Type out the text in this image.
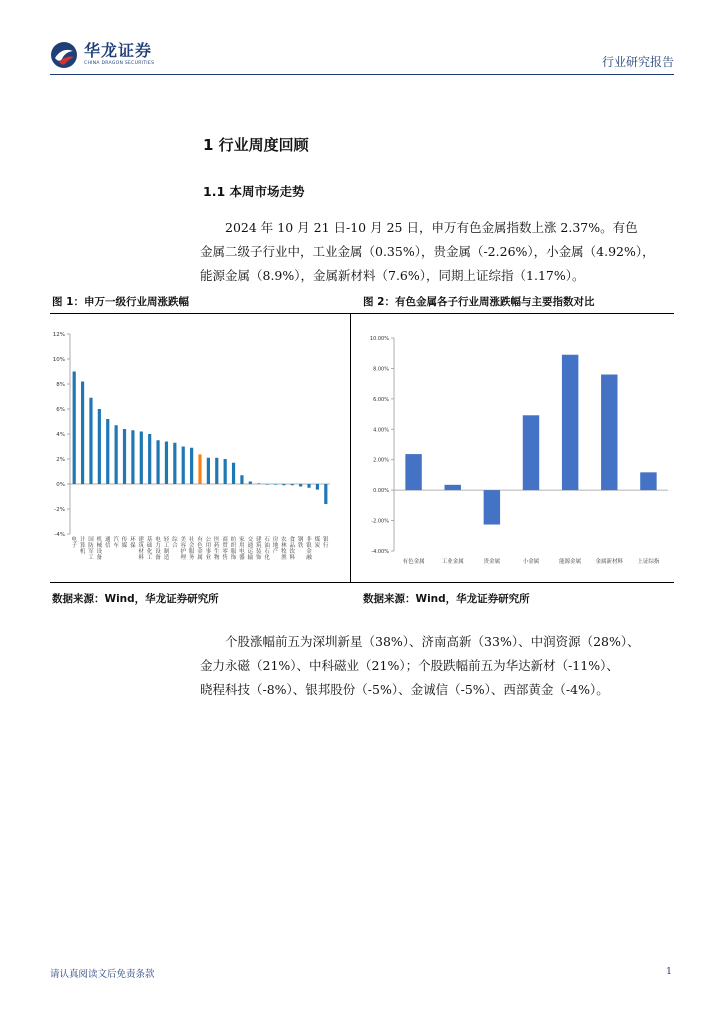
华龙证券
CHINA DRAGON SECURITIES	行业研究报告
1 行业周度回顾
1.1 本周市场走势

2024 年 10 月 21 日-10 月 25 日，申万有色金属指数上涨 2.37%。有色

金属二级子行业中，工业金属（0.35%），贵金属（-2.26%），小金属（4.92%），

能源金属（8.9%），金属新材料（7.6%），同期上证综指（1.17%）。

图 1：申万一级行业周涨跌幅	图 2：有色金属各子行业周涨跌幅与主要指数对比
-4%
-2%
0%
2%
4%
6%
8%
10%
12%
电子
计算机
国防军工
机械设备
通信
汽车
传媒
环保
建筑材料
基础化工
电力设备
轻工制造
综合
美容护理
社会服务
有色金属
公用事业
医药生物
商贸零售
纺织服饰
家用电器
交通运输
建筑装饰
石油石化
房地产
农林牧渔
食品饮料
钢铁
非银金融
煤炭
银行
-4.00%
-2.00%
0.00%
2.00%
4.00%
6.00%
8.00%
10.00%
有色金属	工业金属	贵金属	小金属	能源金属	金属新材料	上证综指
数据来源：Wind，华龙证券研究所	数据来源：Wind，华龙证券研究所

个股涨幅前五为深圳新星（38%）、济南高新（33%）、中润资源（28%）、

金力永磁（21%）、中科磁业（21%）；个股跌幅前五为华达新材（-11%）、

晓程科技（-8%）、银邦股份（-5%）、金诚信（-5%）、西部黄金（-4%）。

请认真阅读文后免责条款	1
